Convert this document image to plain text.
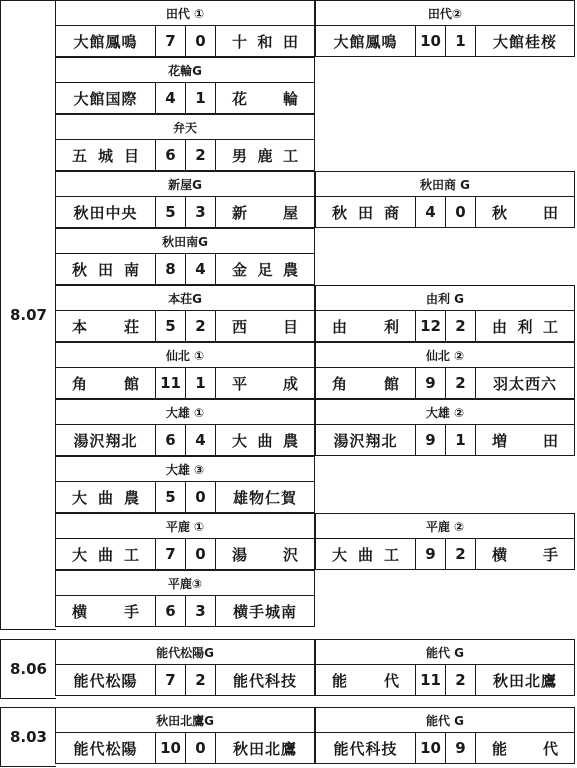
8.07
田代 ①
大館鳳鳴	7	0	十 和 田
田代②
大館鳳鳴	10 1	大館桂桜
花輪G
大館国際	4	1	花 輪
弁天
五 城 目	6	2	男 鹿 工
新屋G
秋田中央	5	3	新 屋
秋田商 G
秋 田 商	4	0	秋 田
秋田南G
秋 田 南	8	4	金 足 農
本荘G
本 荘	5	2	西 目
由利 G
由 利	12 2	由 利 工
仙北 ①
角 館	11 1	平 成
仙北 ②
角 館	9	2	羽太西六
大雄 ①
湯沢翔北	6	4	大 曲 農
大雄 ②
湯沢翔北	9	1	増 田
大雄 ③
大 曲 農	5	0	雄物仁賀
平鹿 ①
大 曲 工	7	0	湯 沢
平鹿 ②
大 曲 工	9	2	横 手
平鹿③
横 手	6	3	横手城南
8.06
能代松陽G
能代松陽	7	2	能代科技
能代 G
能 代	11 2	秋田北鷹
8.03
秋田北鷹G
能代松陽	10 0	秋田北鷹
能代 G
能代科技	10 9	能 代
